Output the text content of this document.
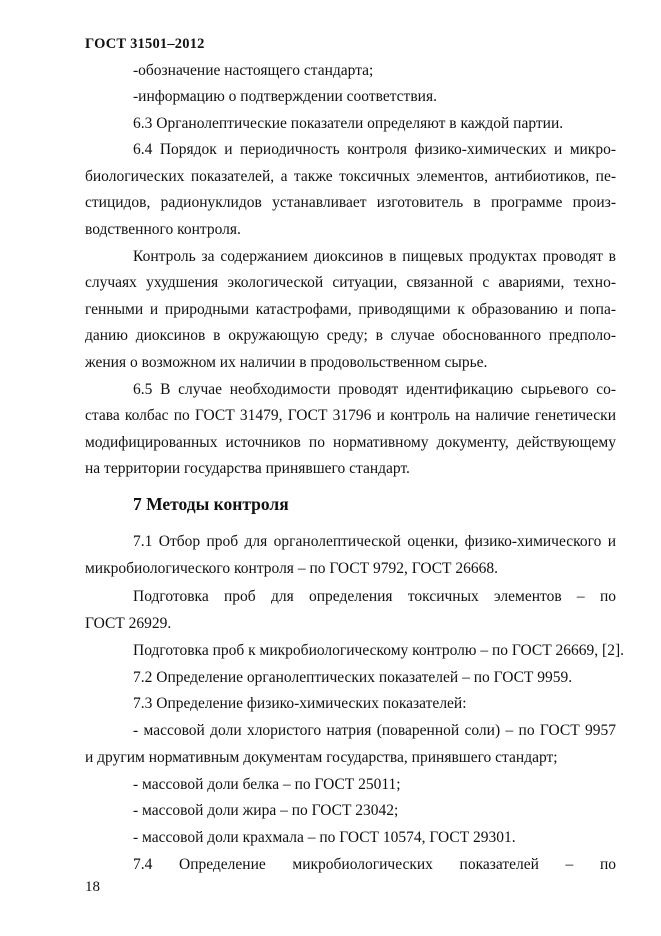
ГОСТ 31501–2012
-обозначение настоящего стандарта;
-информацию о подтверждении соответствия.
6.3 Органолептические показатели определяют в каждой партии.
6.4 Порядок и периодичность контроля физико-химических и микро-
биологических показателей, а также токсичных элементов, антибиотиков, пе-
стицидов, радионуклидов устанавливает изготовитель в программе произ-
водственного контроля.
Контроль за содержанием диоксинов в пищевых продуктах проводят в
случаях ухудшения экологической ситуации, связанной с авариями, техно-
генными и природными катастрофами, приводящими к образованию и попа-
данию диоксинов в окружающую среду; в случае обоснованного предполо-
жения о возможном их наличии в продовольственном сырье.
6.5 В случае необходимости проводят идентификацию сырьевого со-
става колбас по ГОСТ 31479, ГОСТ 31796 и контроль на наличие генетически
модифицированных источников по нормативному документу, действующему
на территории государства принявшего стандарт.
7 Методы контроля
7.1 Отбор проб для органолептической оценки, физико-химического и
микробиологического контроля – по ГОСТ 9792, ГОСТ 26668.
Подготовка проб для определения токсичных элементов – по
ГОСТ 26929.
Подготовка проб к микробиологическому контролю – по ГОСТ 26669, [2].
7.2 Определение органолептических показателей – по ГОСТ 9959.
7.3 Определение физико-химических показателей:
- массовой доли хлористого натрия (поваренной соли) – по ГОСТ 9957
и другим нормативным документам государства, принявшего стандарт;
- массовой доли белка – по ГОСТ 25011;
- массовой доли жира – по ГОСТ 23042;
- массовой доли крахмала – по ГОСТ 10574, ГОСТ 29301.
7.4 Определение микробиологических показателей – по
18
